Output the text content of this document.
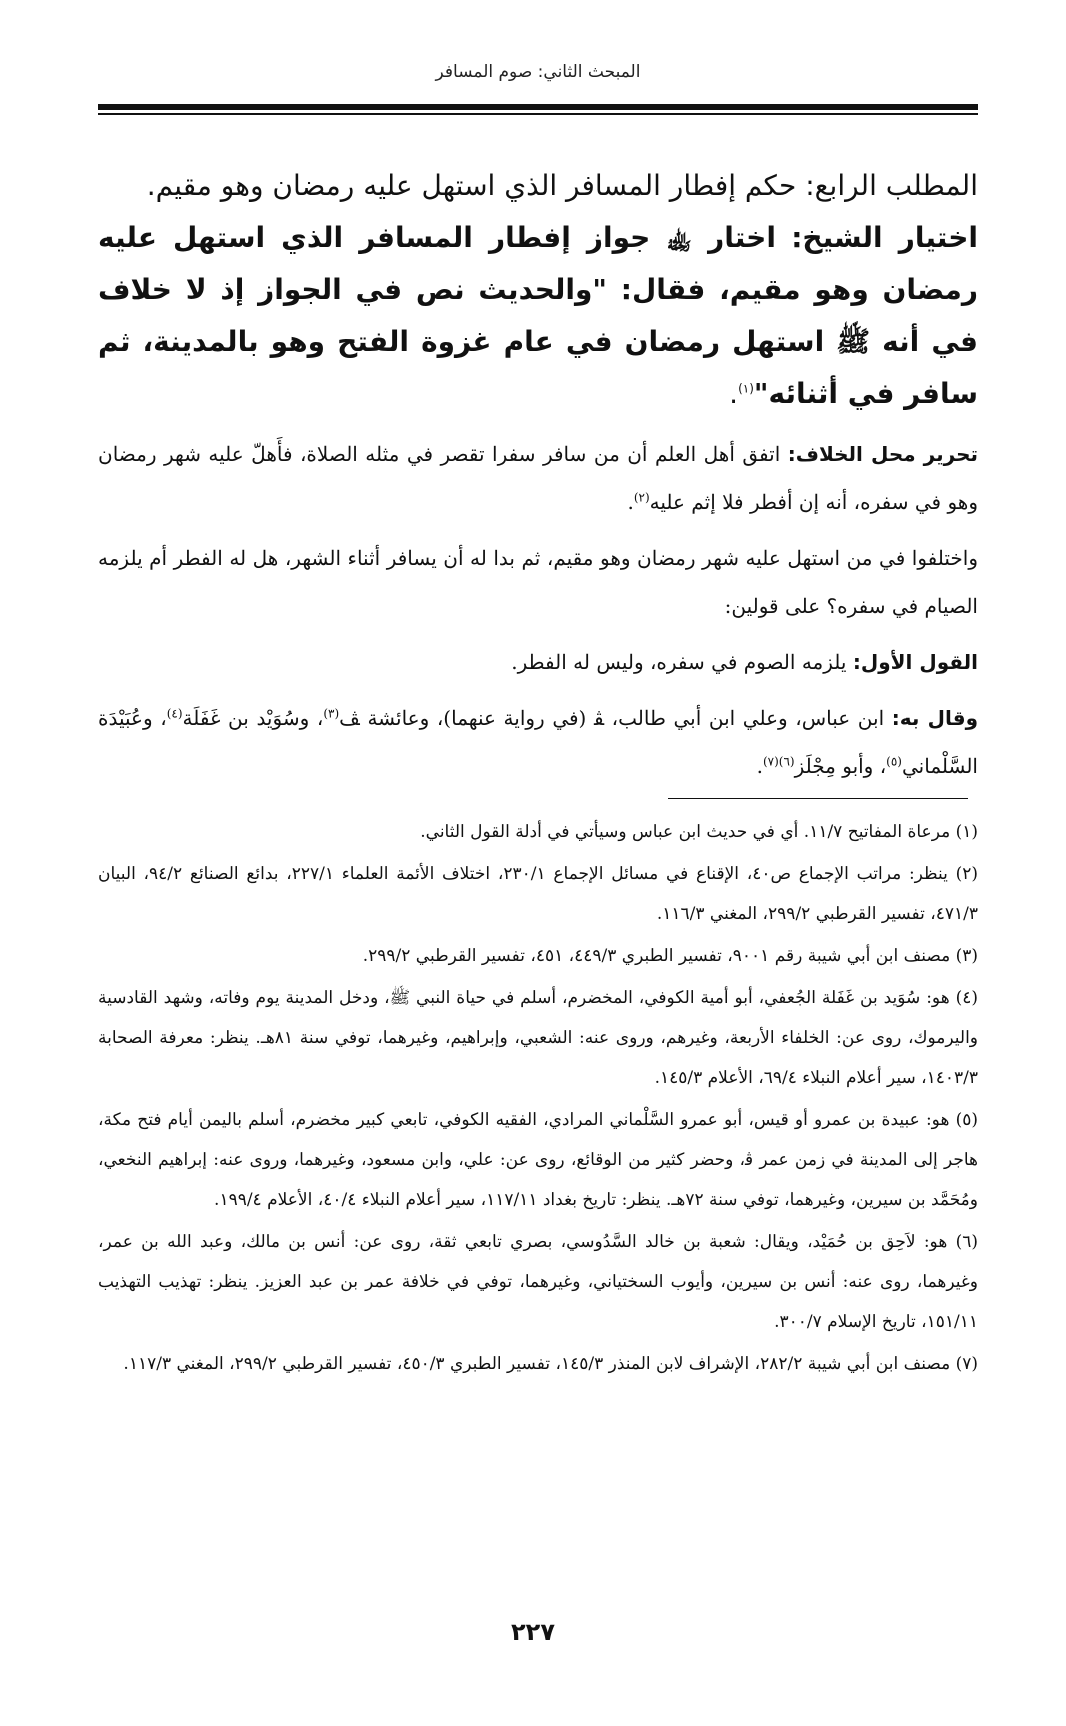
المبحث الثاني: صوم المسافر
المطلب الرابع: حكم إفطار المسافر الذي استهل عليه رمضان وهو مقيم.
اختيار الشيخ: اختار ﵀ جواز إفطار المسافر الذي استهل عليه رمضان وهو مقيم، فقال: "والحديث نص في الجواز إذ لا خلاف في أنه ﷺ استهل رمضان في عام غزوة الفتح وهو بالمدينة، ثم سافر في أثنائه"$^{(١)}$.

تحرير محل الخلاف: اتفق أهل العلم أن من سافر سفرا تقصر في مثله الصلاة، فأَهلّ عليه شهر رمضان وهو في سفره، أنه إن أفطر فلا إثم عليه$^{(٢)}$.

واختلفوا في من استهل عليه شهر رمضان وهو مقيم، ثم بدا له أن يسافر أثناء الشهر، هل له الفطر أم يلزمه الصيام في سفره؟ على قولين:

القول الأول: يلزمه الصوم في سفره، وليس له الفطر.

وقال به: ابن عباس، وعلي ابن أبي طالب، ﭭ (في رواية عنهما)، وعائشة ﭫ$^{(٣)}$، وسُوَيْد بن غَفَلَة$^{(٤)}$، وعُبَيْدَة السَّلْماني$^{(٥)}$، وأبو مِجْلَز$^{(٦)(٧)}$.

(١) مرعاة المفاتيح ١١/٧. أي في حديث ابن عباس وسيأتي في أدلة القول الثاني.

(٢) ينظر: مراتب الإجماع ص٤٠، الإقناع في مسائل الإجماع ٢٣٠/١، اختلاف الأئمة العلماء ٢٢٧/١، بدائع الصنائع ٩٤/٢، البيان ٤٧١/٣، تفسير القرطبي ٢٩٩/٢، المغني ١١٦/٣.

(٣) مصنف ابن أبي شيبة رقم ٩٠٠١، تفسير الطبري ٤٤٩/٣، ٤٥١، تفسير القرطبي ٢٩٩/٢.

(٤) هو: سُوَيد بن غَفَلة الجُعفي، أبو أمية الكوفي، المخضرم، أسلم في حياة النبي ﷺ، ودخل المدينة يوم وفاته، وشهد القادسية واليرموك، روى عن: الخلفاء الأربعة، وغيرهم، وروى عنه: الشعبي، وإبراهيم، وغيرهما، توفي سنة ٨١هـ. ينظر: معرفة الصحابة ١٤٠٣/٣، سير أعلام النبلاء ٦٩/٤، الأعلام ١٤٥/٣.

(٥) هو: عبيدة بن عمرو أو قيس، أبو عمرو السَّلْماني المرادي، الفقيه الكوفي، تابعي كبير مخضرم، أسلم باليمن أيام فتح مكة، هاجر إلى المدينة في زمن عمر ﭬ، وحضر كثير من الوقائع، روى عن: علي، وابن مسعود، وغيرهما، وروى عنه: إبراهيم النخعي، ومُحَمَّد بن سيرين، وغيرهما، توفي سنة ٧٢هـ. ينظر: تاريخ بغداد ١١٧/١١، سير أعلام النبلاء ٤٠/٤، الأعلام ١٩٩/٤.

(٦) هو: لاَحِق بن حُمَيْد، ويقال: شعبة بن خالد السَّدُوسي، بصري تابعي ثقة، روى عن: أنس بن مالك، وعبد الله بن عمر، وغيرهما، روى عنه: أنس بن سيرين، وأيوب السختياني، وغيرهما، توفي في خلافة عمر بن عبد العزيز. ينظر: تهذيب التهذيب ١٥١/١١، تاريخ الإسلام ٣٠٠/٧.

(٧) مصنف ابن أبي شيبة ٢٨٢/٢، الإشراف لابن المنذر ١٤٥/٣، تفسير الطبري ٤٥٠/٣، تفسير القرطبي ٢٩٩/٢، المغني ١١٧/٣.

٢٢٧
